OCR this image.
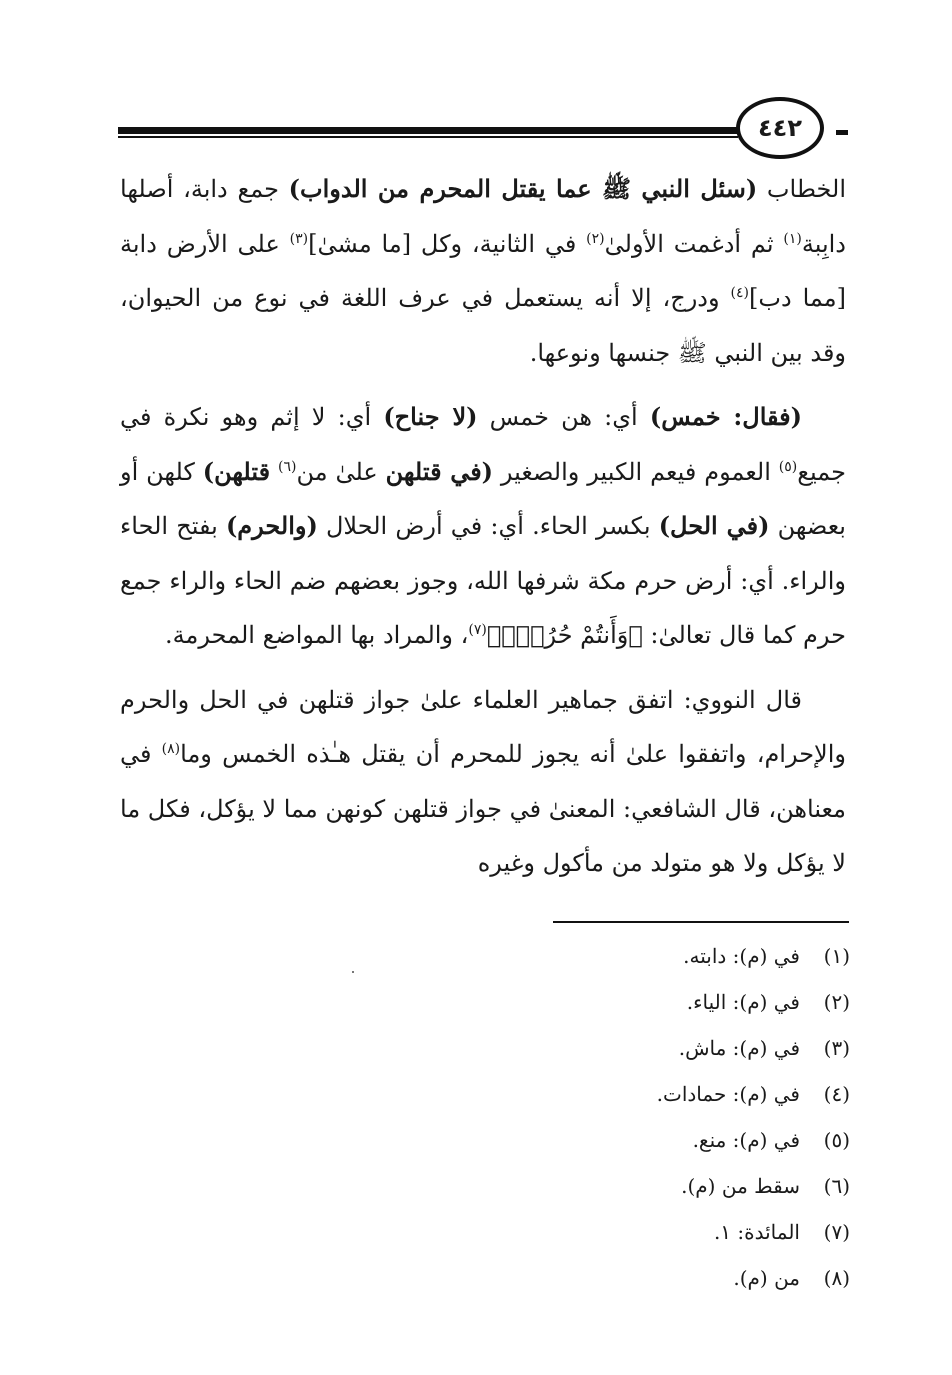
٤٤٢

الخطاب (سئل النبي ﷺ عما يقتل المحرم من الدواب) جمع دابة، أصلها دابِبة$^{(١)}$ ثم أدغمت الأولىٰ$^{(٢)}$ في الثانية، وكل [ما مشىٰ]$^{(٣)}$ على الأرض دابة [مما دب]$^{(٤)}$ ودرج، إلا أنه يستعمل في عرف اللغة في نوع من الحيوان، وقد بين النبي ﷺ جنسها ونوعها.

(فقال: خمس) أي: هن خمس (لا جناح) أي: لا إثم وهو نكرة في جميع$^{(٥)}$ العموم فيعم الكبير والصغير (في قتلهن علىٰ من$^{(٦)}$ قتلهن) كلهن أو بعضهن (في الحل) بكسر الحاء. أي: في أرض الحلال (والحرم) بفتح الحاء والراء. أي: أرض حرم مكة شرفها الله، وجوز بعضهم ضم الحاء والراء جمع حرم كما قال تعالىٰ: ﴿وَأَنتُمْ حُرُمٌۗ﴾$^{(٧)}$، والمراد بها المواضع المحرمة.

قال النووي: اتفق جماهير العلماء علىٰ جواز قتلهن في الحل والحرم والإحرام، واتفقوا علىٰ أنه يجوز للمحرم أن يقتل هـٰذه الخمس وما$^{(٨)}$ في معناهن، قال الشافعي: المعنىٰ في جواز قتلهن كونهن مما لا يؤكل، فكل ما لا يؤكل ولا هو متولد من مأكول وغيره

(١)في (م): دابته.
(٢)في (م): الياء.
(٣)في (م): ماش.
(٤)في (م): حمادات.
(٥)في (م): منع.
(٦)سقط من (م).
(٧)المائدة: ١.
(٨)من (م).
